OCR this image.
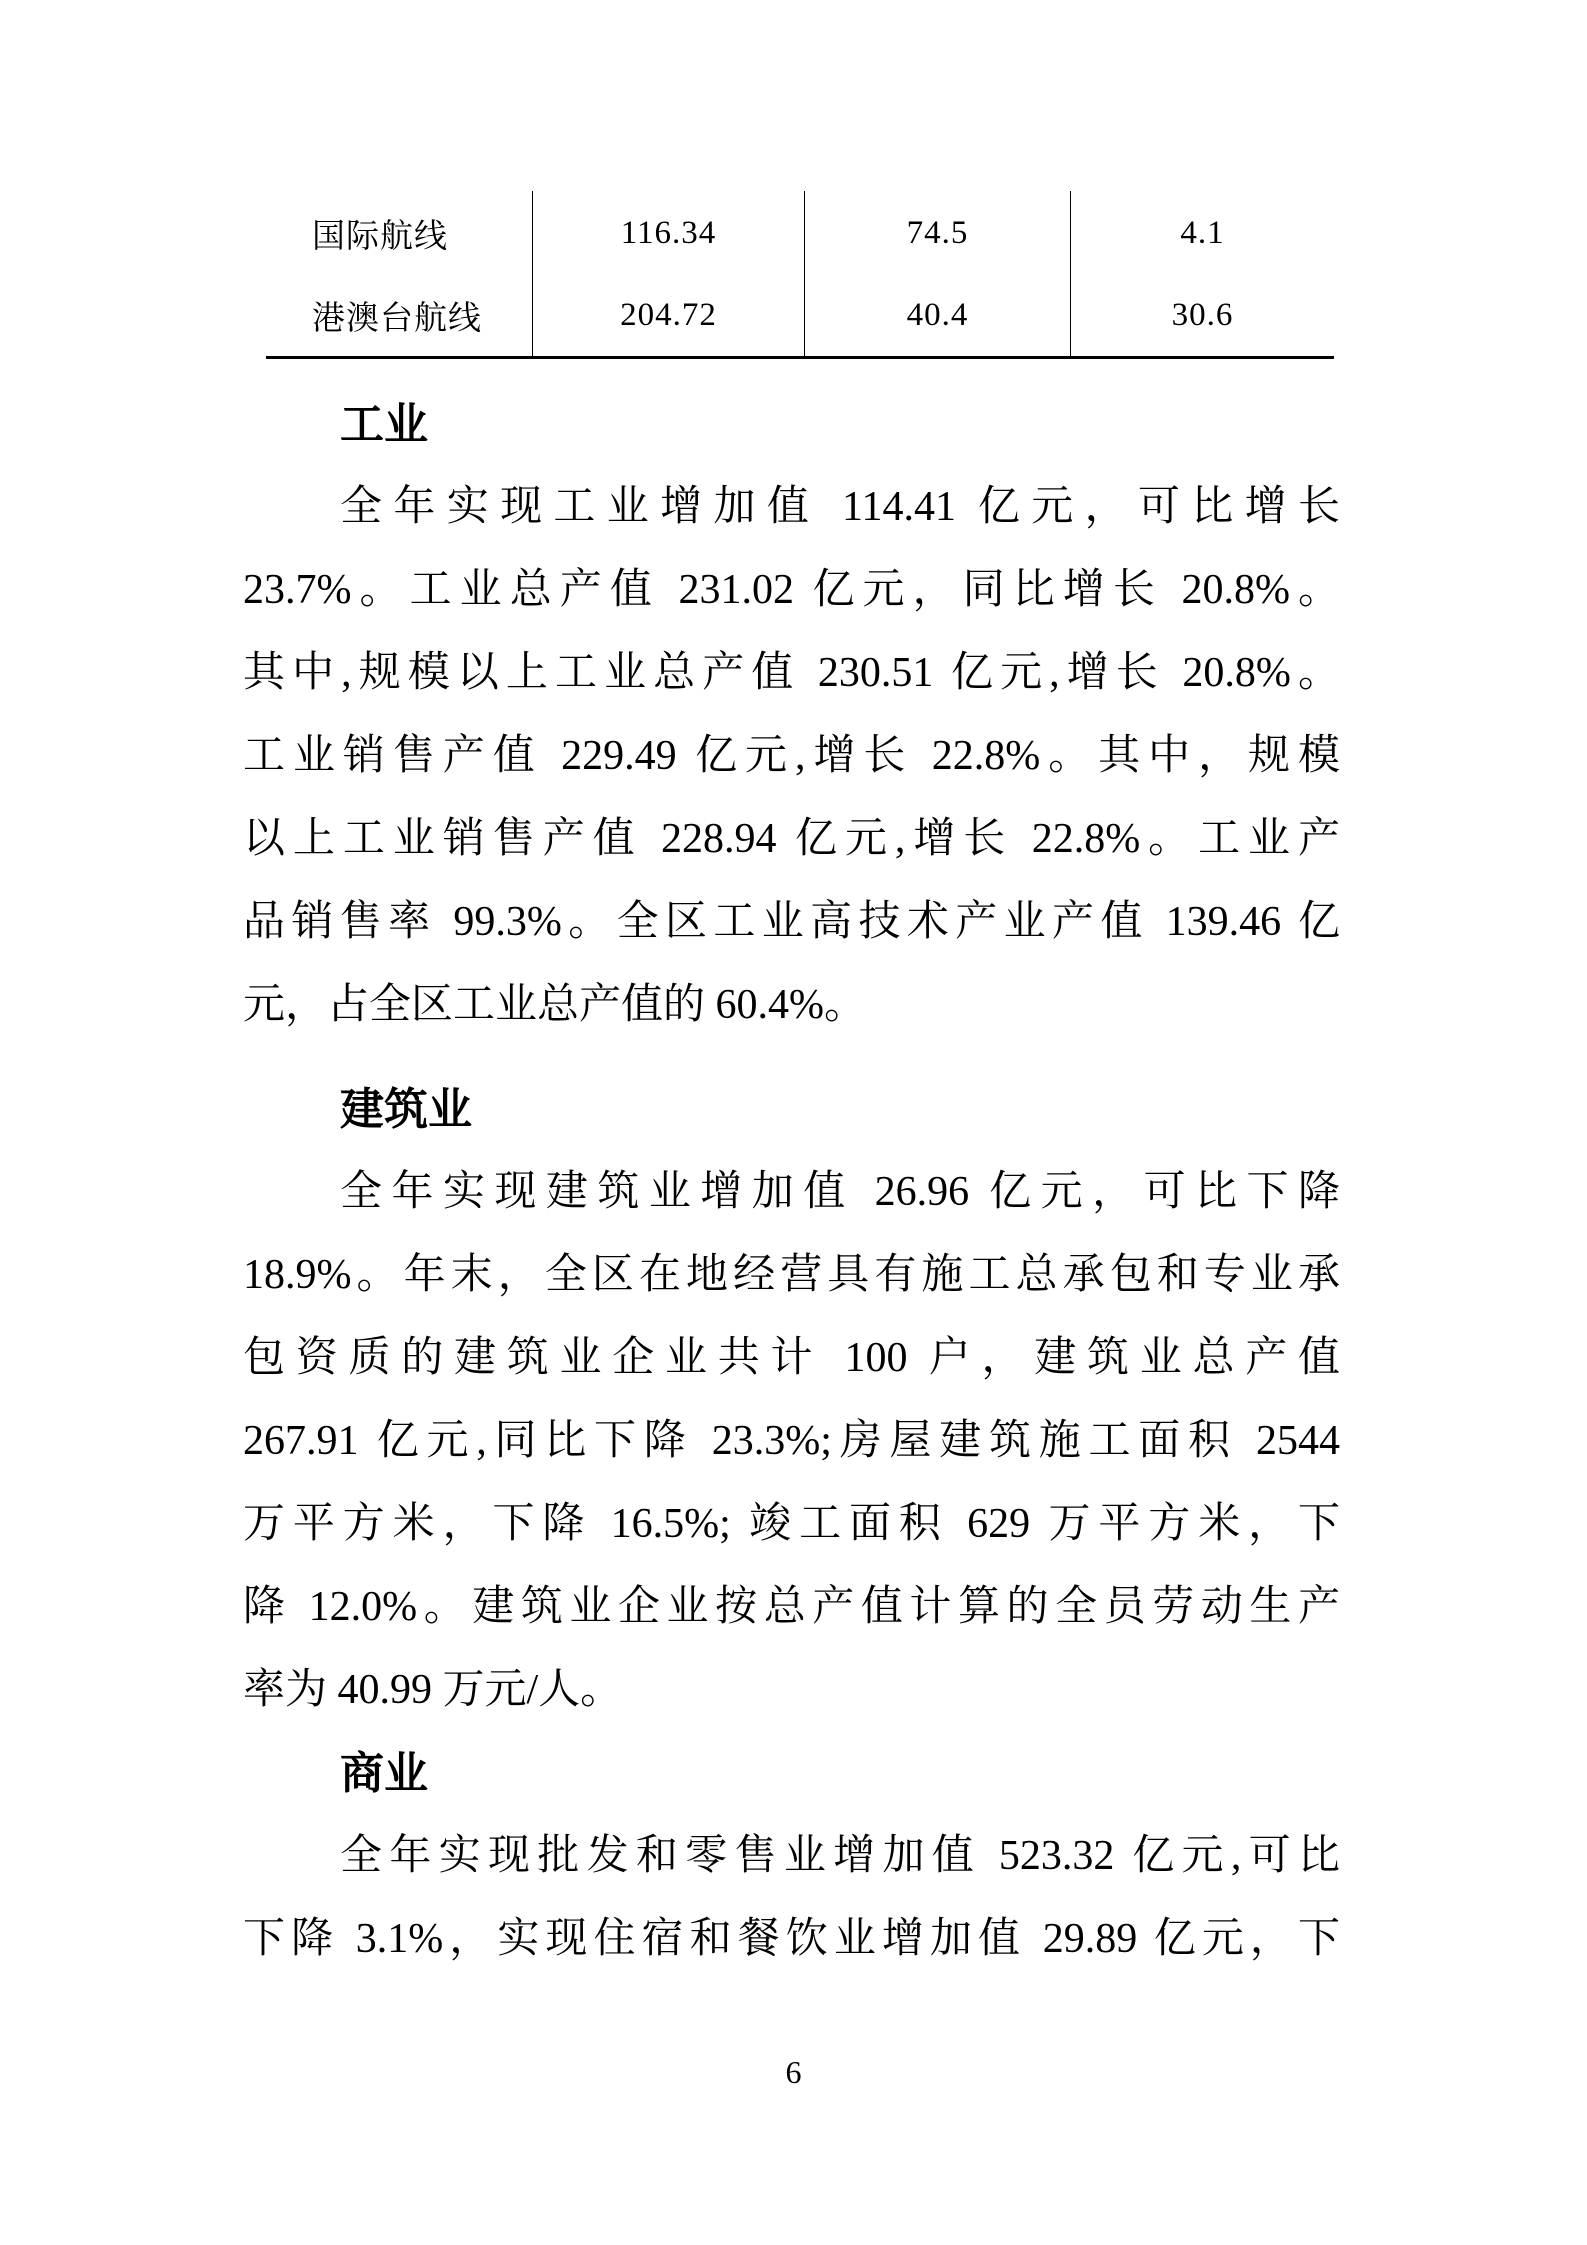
国际航线	116.34	74.5	4.1
港澳台航线	204.72	40.4	30.6
工业
全年实现工业增加值 114.41 亿元，可比增长
23.7%。工业总产值 231.02 亿元，同比增长 20.8%。
其中,规模以上工业总产值 230.51 亿元,增长 20.8%。
工业销售产值 229.49 亿元,增长 22.8%。其中，规模
以上工业销售产值 228.94 亿元,增长 22.8%。工业产
品销售率 99.3%。全区工业高技术产业产值 139.46 亿
元，占全区工业总产值的 60.4%。
建筑业
全年实现建筑业增加值 26.96 亿元，可比下降
18.9%。年末，全区在地经营具有施工总承包和专业承
包资质的建筑业企业共计 100 户，建筑业总产值
267.91 亿元,同比下降 23.3%;房屋建筑施工面积 2544
万平方米，下降 16.5%; 竣工面积 629 万平方米，下
降 12.0%。建筑业企业按总产值计算的全员劳动生产
率为 40.99 万元/人。
商业
全年实现批发和零售业增加值 523.32 亿元,可比
下降 3.1%，实现住宿和餐饮业增加值 29.89 亿元，下
6
